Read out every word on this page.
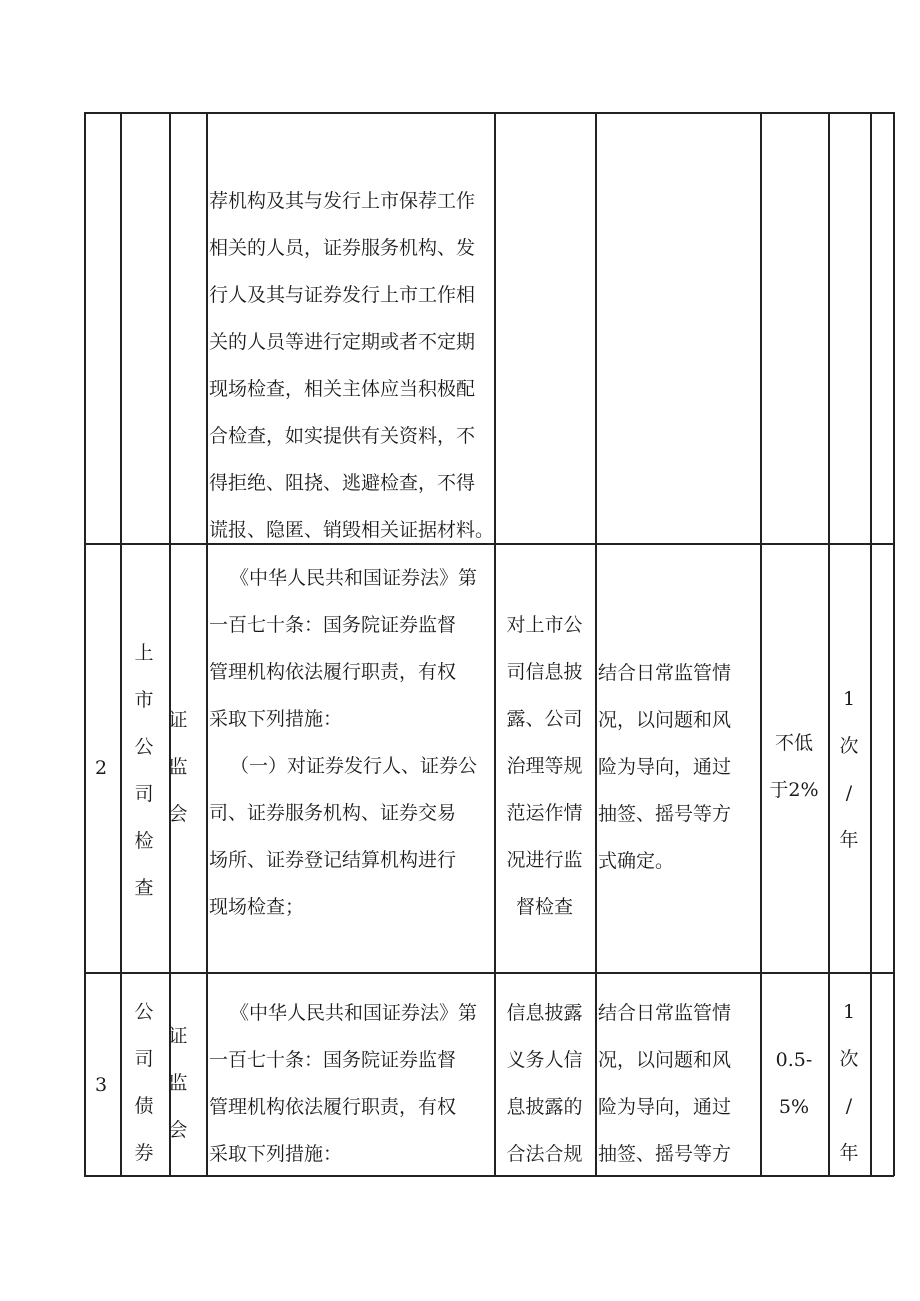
荐机构及其与发行上市保荐工作
相关的人员，证券服务机构、发
行人及其与证券发行上市工作相
关的人员等进行定期或者不定期
现场检查，相关主体应当积极配
合检查，如实提供有关资料，不
得拒绝、阻挠、逃避检查，不得
谎报、隐匿、销毁相关证据材料。
2
上
市
公
司
检
查
证
监
会
《中华人民共和国证券法》第
一百七十条：国务院证券监督
管理机构依法履行职责，有权
采取下列措施：
（一）对证券发行人、证券公
司、证券服务机构、证券交易
场所、证券登记结算机构进行
现场检查；
对上市公
司信息披
露、公司
治理等规
范运作情
况进行监
督检查
结合日常监管情
况，以问题和风
险为导向，通过
抽签、摇号等方
式确定。
不低
于2%
1
次
/
年
3
公
司
债
券
证
监
会
《中华人民共和国证券法》第
一百七十条：国务院证券监督
管理机构依法履行职责，有权
采取下列措施：
信息披露
义务人信
息披露的
合法合规
结合日常监管情
况，以问题和风
险为导向，通过
抽签、摇号等方
0.5-
5%
1
次
/
年
